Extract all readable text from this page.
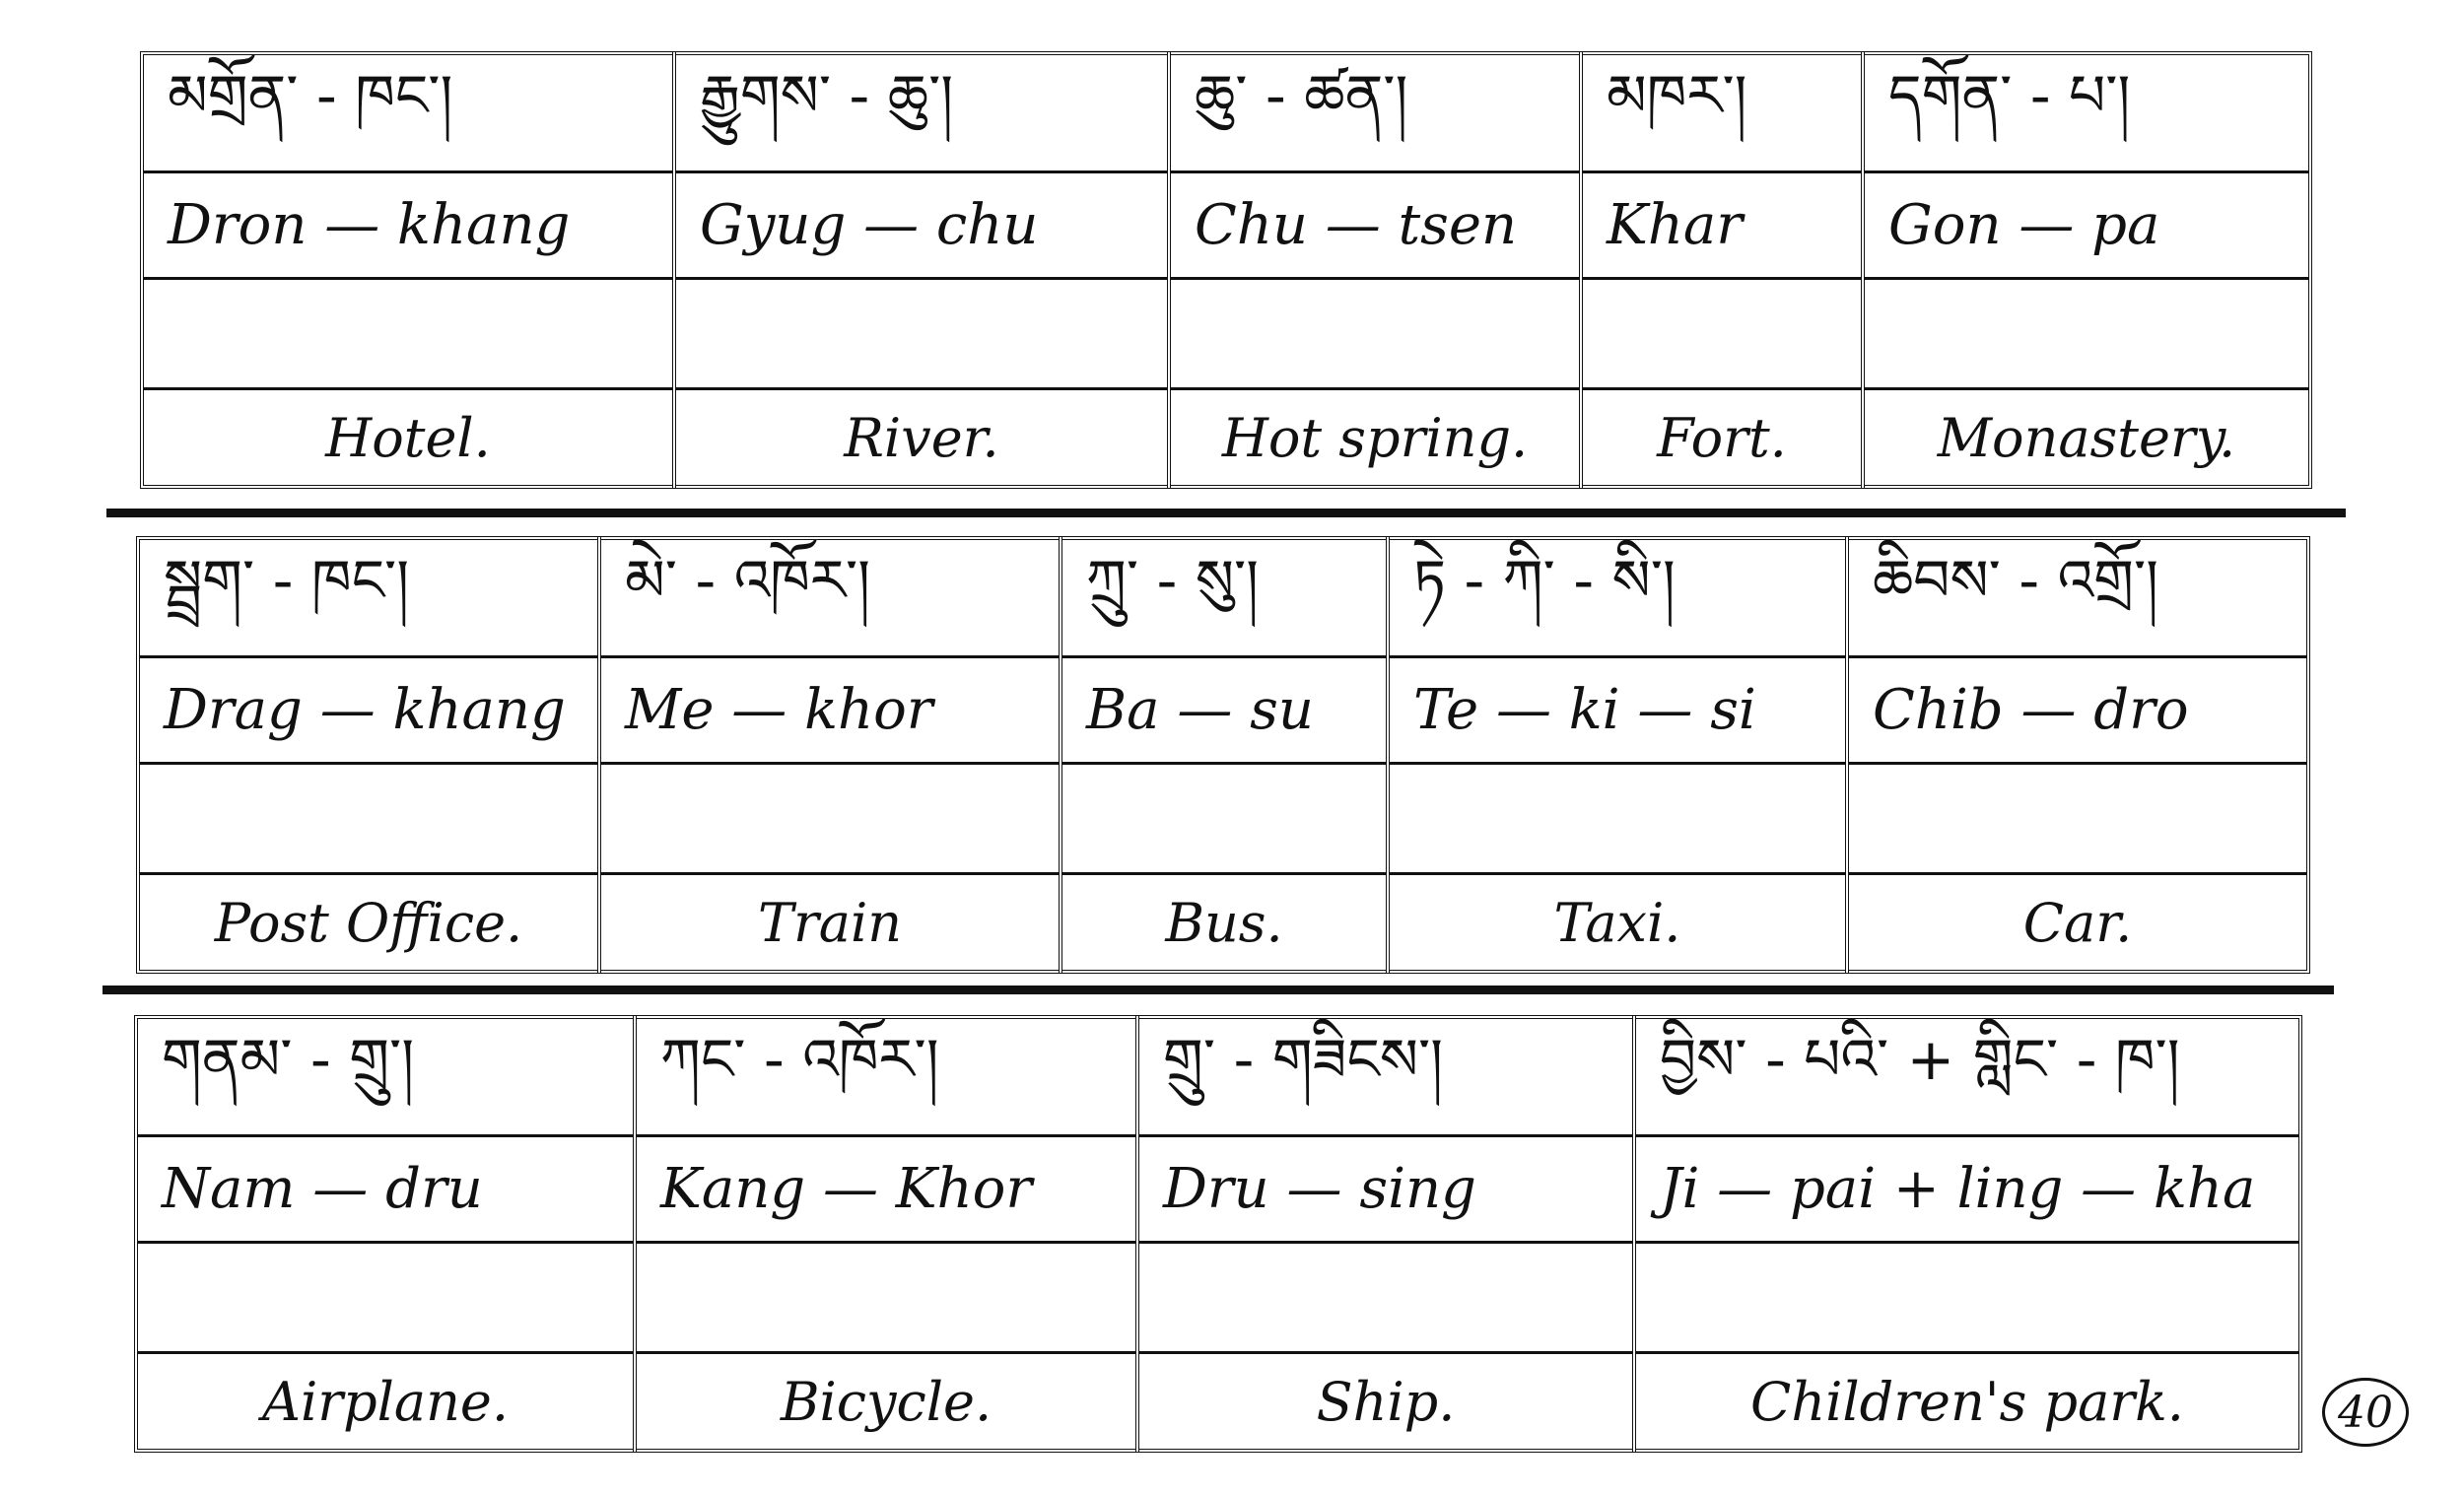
མགྲོན་ - ཁང་།
Dron — khang
Hotel.
རྒྱུགས་ - ཆུ་།
Gyug — chu
River.
ཆུ་ - ཚན་།
Chu — tsen
Hot spring.
མཁར་།
Khar
Fort.
དགོན་ - པ་།
Gon — pa
Monastery.
སྦྲག་ - ཁང་།
Drag — khang
Post Office.
མེ་ - འཁོར་།
Me — khor
Train
ཀྲུ་ - སུ་།
Ba — su
Bus.
ཏེ - ཀི་ - སི་།
Te — ki — si
Taxi.
ཆིབས་ - འགྲོ་།
Chib — dro
Car.
གནམ་ - གྲུ་།
Nam — dru
Airplane.
ཀང་ - འཁོར་།
Kang — Khor
Bicycle.
གྲུ་ - གཟིངས་།
Dru — sing
Ship.
བྱིས་ - པའི་ + གླིང་ - ཁ་།
Ji — pai + ling — kha
Children's park.	40
